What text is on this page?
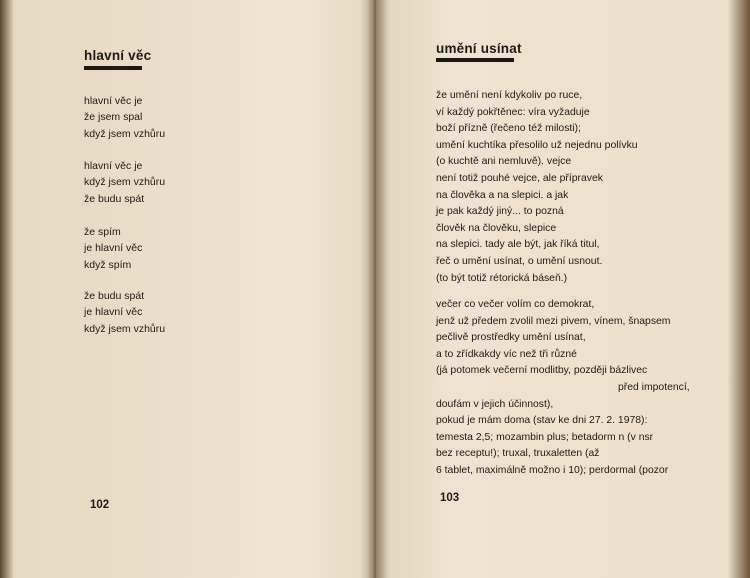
hlavní věc
hlavní věc je
že jsem spal
když jsem vzhůru
hlavní věc je
když jsem vzhůru
že budu spát
že spím
je hlavní věc
když spím
že budu spát
je hlavní věc
když jsem vzhůru
102
umění usínat
že umění není kdykoliv po ruce,
ví každý pokřtěnec: víra vyžaduje
boží přízně (řečeno též milosti);
umění kuchtíka přesolilo už nejednu polívku
(o kuchtě ani nemluvě). vejce
není totiž pouhé vejce, ale přípravek
na člověka a na slepici. a jak
je pak každý jiný... to pozná
člověk na člověku, slepice
na slepici. tady ale být, jak říká titul,
řeč o umění usínat, o umění usnout.
(to být totiž rétorická báseň.)
večer co večer volím co demokrat,
jenž už předem zvolil mezi pivem, vínem, šnapsem
pečlivě prostředky umění usínat,
a to zřídkakdy víc než tři různé
(já potomek večerní modlitby, později bázlivec
před impotencí,
doufám v jejich účinnost),
pokud je mám doma (stav ke dni 27. 2. 1978):
temesta 2,5; mozambin plus; betadorm n (v nsr
bez receptu!); truxal, truxaletten (až
6 tablet, maximálně možno i 10); perdormal (pozor
103
